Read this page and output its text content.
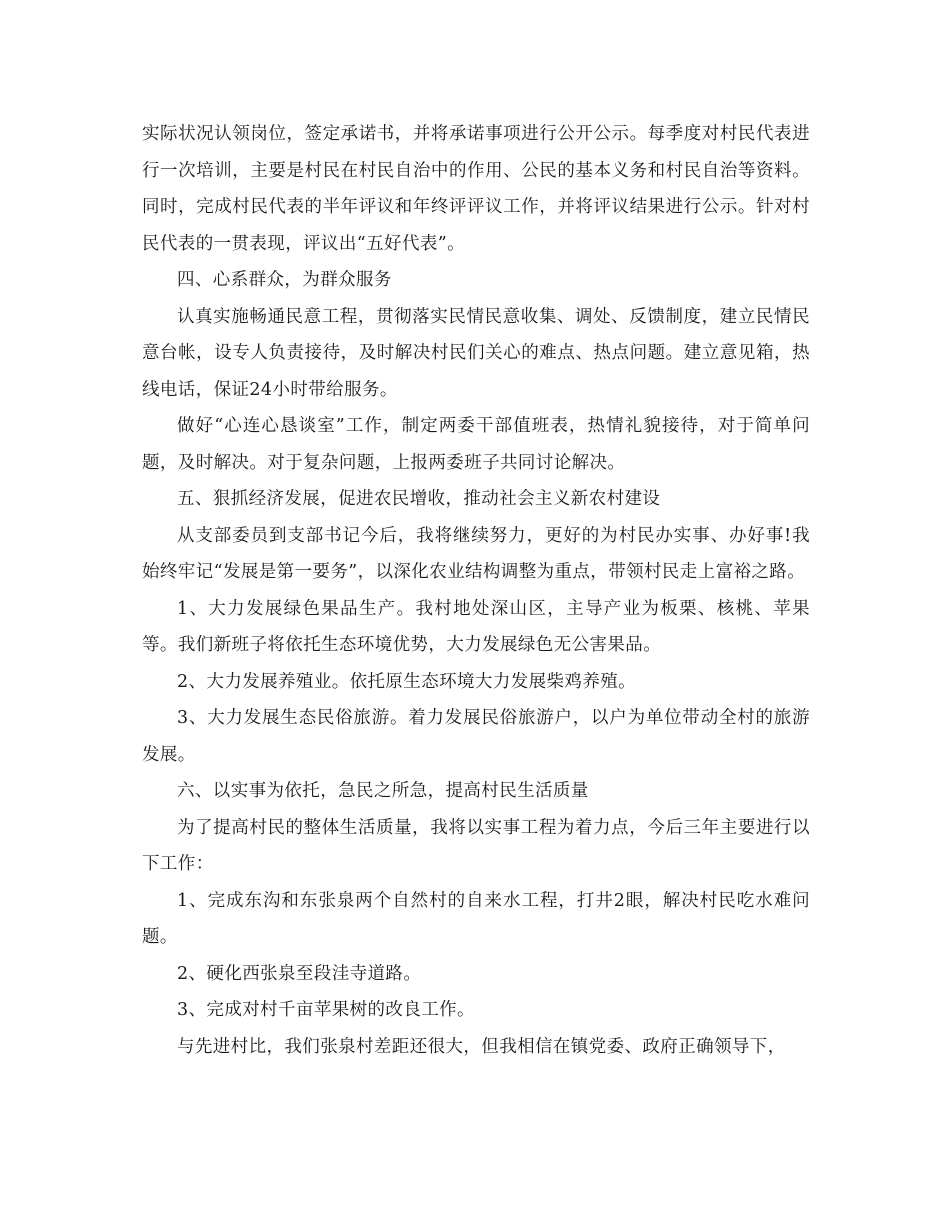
实际状况认领岗位，签定承诺书，并将承诺事项进行公开公示。每季度对村民代表进行一次培训，主要是村民在村民自治中的作用、公民的基本义务和村民自治等资料。同时，完成村民代表的半年评议和年终评评议工作，并将评议结果进行公示。针对村民代表的一贯表现，评议出“五好代表”。

四、心系群众，为群众服务

认真实施畅通民意工程，贯彻落实民情民意收集、调处、反馈制度，建立民情民意台帐，设专人负责接待，及时解决村民们关心的难点、热点问题。建立意见箱，热线电话，保证24小时带给服务。

做好“心连心恳谈室”工作，制定两委干部值班表，热情礼貌接待，对于简单问题，及时解决。对于复杂问题，上报两委班子共同讨论解决。

五、狠抓经济发展，促进农民增收，推动社会主义新农村建设

从支部委员到支部书记今后，我将继续努力，更好的为村民办实事、办好事!我始终牢记“发展是第一要务”，以深化农业结构调整为重点，带领村民走上富裕之路。

1、大力发展绿色果品生产。我村地处深山区，主导产业为板栗、核桃、苹果等。我们新班子将依托生态环境优势，大力发展绿色无公害果品。

2、大力发展养殖业。依托原生态环境大力发展柴鸡养殖。

3、大力发展生态民俗旅游。着力发展民俗旅游户，以户为单位带动全村的旅游发展。

六、以实事为依托，急民之所急，提高村民生活质量

为了提高村民的整体生活质量，我将以实事工程为着力点，今后三年主要进行以下工作：

1、完成东沟和东张泉两个自然村的自来水工程，打井2眼，解决村民吃水难问题。

2、硬化西张泉至段洼寺道路。

3、完成对村千亩苹果树的改良工作。

与先进村比，我们张泉村差距还很大，但我相信在镇党委、政府正确领导下，
